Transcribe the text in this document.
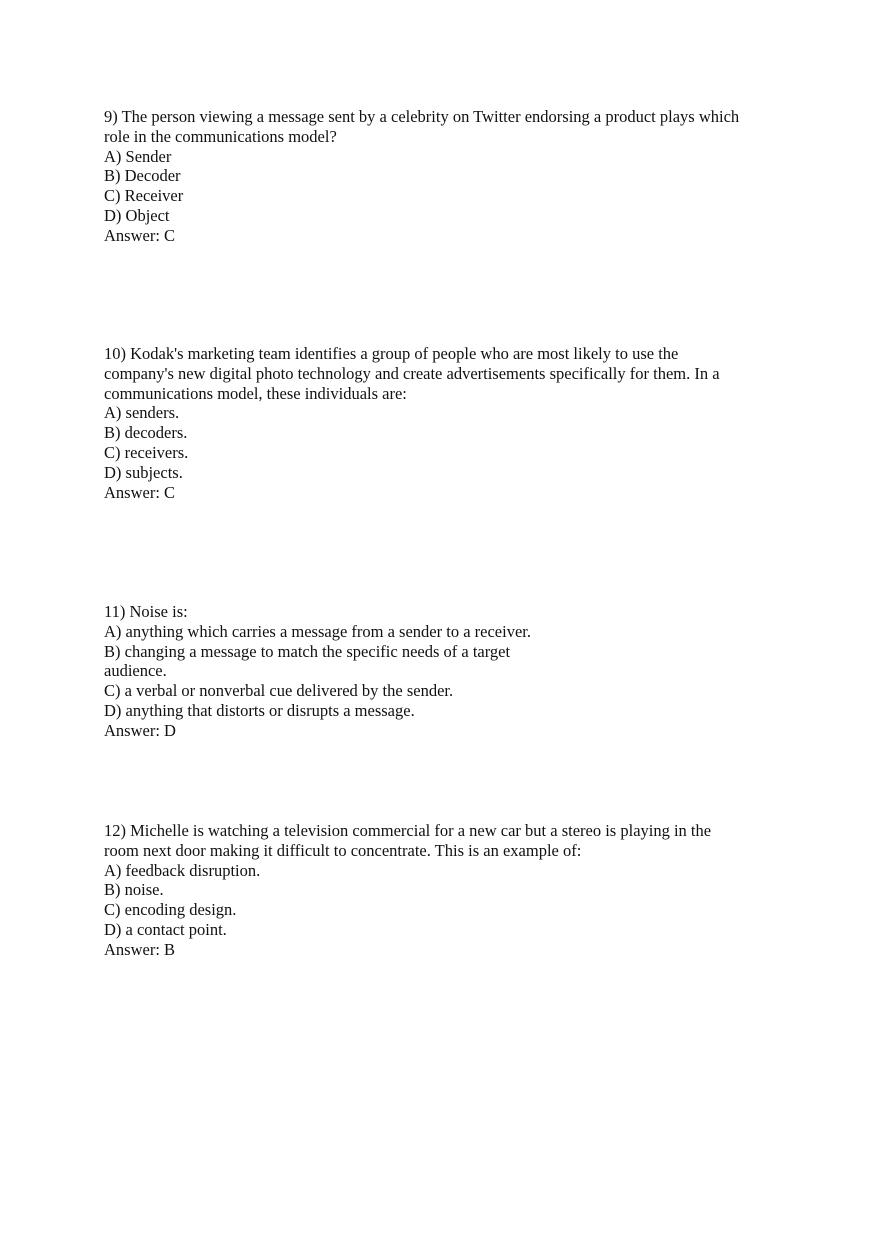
9) The person viewing a message sent by a celebrity on Twitter endorsing a product plays which
role in the communications model?
A) Sender
B) Decoder
C) Receiver
D) Object
Answer: C
10) Kodak's marketing team identifies a group of people who are most likely to use the
company's new digital photo technology and create advertisements specifically for them. In a
communications model, these individuals are:
A) senders.
B) decoders.
C) receivers.
D) subjects.
Answer: C
11) Noise is:
A) anything which carries a message from a sender to a receiver.
B) changing a message to match the specific needs of a target
audience.
C) a verbal or nonverbal cue delivered by the sender.
D) anything that distorts or disrupts a message.
Answer: D
12) Michelle is watching a television commercial for a new car but a stereo is playing in the
room next door making it difficult to concentrate. This is an example of:
A) feedback disruption.
B) noise.
C) encoding design.
D) a contact point.
Answer: B
